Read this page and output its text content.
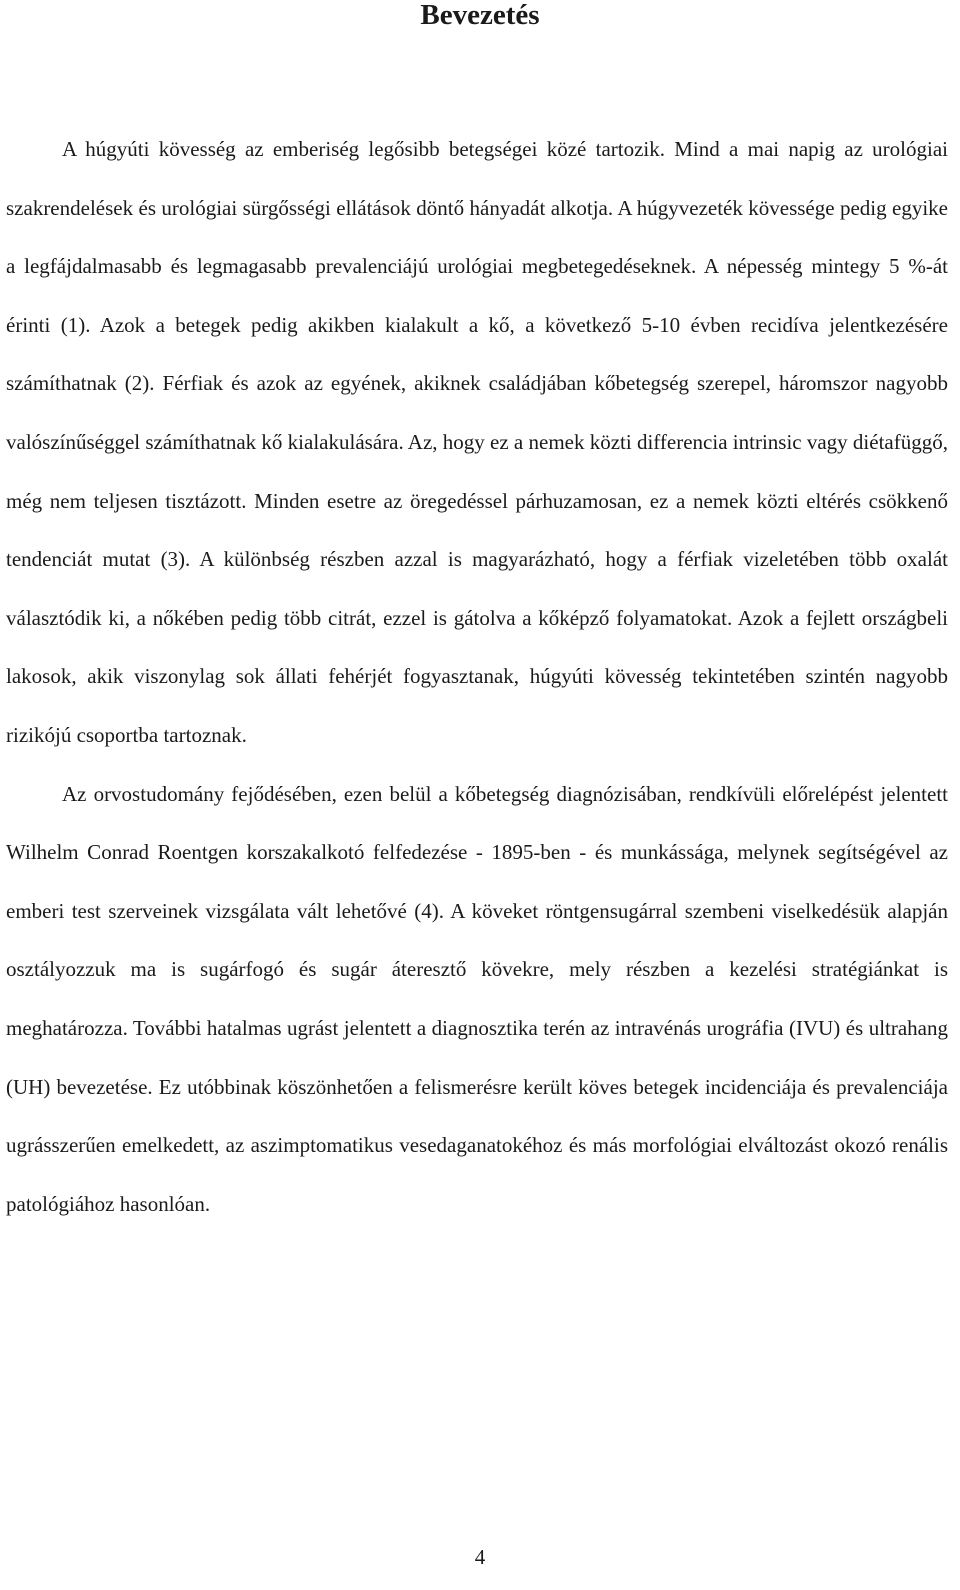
Bevezetés

A húgyúti kövesség az emberiség legősibb betegségei közé tartozik. Mind a mai napig az urológiai szakrendelések és urológiai sürgősségi ellátások döntő hányadát alkotja. A húgyvezeték kövessége pedig egyike a legfájdalmasabb és legmagasabb prevalenciájú urológiai megbetegedéseknek. A népesség mintegy 5 %-át érinti (1). Azok a betegek pedig akikben kialakult a kő, a következő 5-10 évben recidíva jelentkezésére számíthatnak (2). Férfiak és azok az egyének, akiknek családjában kőbetegség szerepel, háromszor nagyobb valószínűséggel számíthatnak kő kialakulására. Az, hogy ez a nemek közti differencia intrinsic vagy diétafüggő, még nem teljesen tisztázott. Minden esetre az öregedéssel párhuzamosan, ez a nemek közti eltérés csökkenő tendenciát mutat (3). A különbség részben azzal is magyarázható, hogy a férfiak vizeletében több oxalát választódik ki, a nőkében pedig több citrát, ezzel is gátolva a kőképző folyamatokat. Azok a fejlett országbeli lakosok, akik viszonylag sok állati fehérjét fogyasztanak, húgyúti kövesség tekintetében szintén nagyobb rizikójú csoportba tartoznak.

Az orvostudomány fejődésében, ezen belül a kőbetegség diagnózisában, rendkívüli előrelépést jelentett Wilhelm Conrad Roentgen korszakalkotó felfedezése - 1895-ben - és munkássága, melynek segítségével az emberi test szerveinek vizsgálata vált lehetővé (4). A köveket röntgensugárral szembeni viselkedésük alapján osztályozzuk ma is sugárfogó és sugár áteresztő kövekre, mely részben a kezelési stratégiánkat is meghatározza. További hatalmas ugrást jelentett a diagnosztika terén az intravénás urográfia (IVU) és ultrahang (UH) bevezetése. Ez utóbbinak köszönhetően a felismerésre került köves betegek incidenciája és prevalenciája ugrásszerűen emelkedett, az aszimptomatikus vesedaganatokéhoz és más morfológiai elváltozást okozó renális patológiához hasonlóan.

4
